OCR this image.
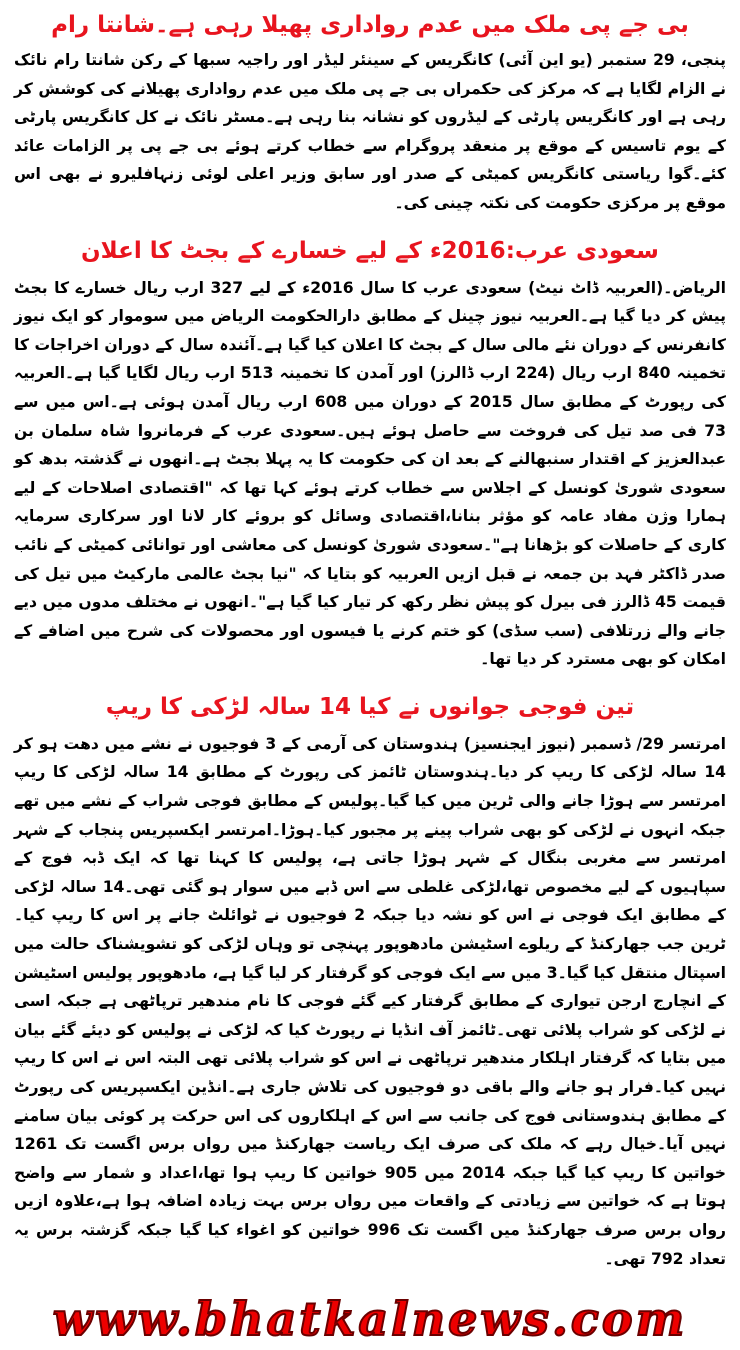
بی جے پی ملک میں عدم رواداری پھیلا رہی ہے۔شانتا رام

پنجی، 29 ستمبر (یو این آئی) کانگریس کے سینئر لیڈر اور راجیہ سبھا کے رکن شانتا رام نائک نے الزام لگایا ہے کہ مرکز کی حکمراں بی جے پی ملک میں عدم رواداری پھیلانے کی کوشش کر رہی ہے اور کانگریس پارٹی کے لیڈروں کو نشانہ بنا رہی ہے۔مسٹر نائک نے کل کانگریس پارٹی کے یوم تاسیس کے موقع پر منعقد پروگرام سے خطاب کرتے ہوئے بی جے پی پر الزامات عائد کئے۔گوا ریاستی کانگریس کمیٹی کے صدر اور سابق وزیر اعلی لوئی زنہافلیرو نے بھی اس موقع پر مرکزی حکومت کی نکتہ چینی کی۔

سعودی عرب:2016ء کے لیے خسارے کے بجٹ کا اعلان

الریاض۔(العربیہ ڈاٹ نیٹ) سعودی عرب کا سال 2016ء کے لیے 327 ارب ریال خسارے کا بجٹ پیش کر دیا گیا ہے۔العربیہ نیوز چینل کے مطابق دارالحکومت الریاض میں سوموار کو ایک نیوز کانفرنس کے دوران نئے مالی سال کے بجٹ کا اعلان کیا گیا ہے۔آئندہ سال کے دوران اخراجات کا تخمینہ 840 ارب ریال (224 ارب ڈالرز) اور آمدن کا تخمینہ 513 ارب ریال لگایا گیا ہے۔العربیہ کی رپورٹ کے مطابق سال 2015 کے دوران میں 608 ارب ریال آمدن ہوئی ہے۔اس میں سے 73 فی صد تیل کی فروخت سے حاصل ہوئے ہیں۔سعودی عرب کے فرمانروا شاہ سلمان بن عبدالعزیز کے اقتدار سنبھالنے کے بعد ان کی حکومت کا یہ پہلا بجٹ ہے۔انھوں نے گذشتہ بدھ کو سعودی شوریٰ کونسل کے اجلاس سے خطاب کرتے ہوئے کہا تھا کہ "اقتصادی اصلاحات کے لیے ہمارا وژن مفاد عامہ کو مؤثر بنانا،اقتصادی وسائل کو بروئے کار لانا اور سرکاری سرمایہ کاری کے حاصلات کو بڑھانا ہے"۔سعودی شوریٰ کونسل کی معاشی اور توانائی کمیٹی کے نائب صدر ڈاکٹر فہد بن جمعہ نے قبل ازیں العربیہ کو بتایا کہ "نیا بجٹ عالمی مارکیٹ میں تیل کی قیمت 45 ڈالرز فی بیرل کو پیش نظر رکھ کر تیار کیا گیا ہے"۔انھوں نے مختلف مدوں میں دیے جانے والے زرتلافی (سب سڈی) کو ختم کرنے یا فیسوں اور محصولات کی شرح میں اضافے کے امکان کو بھی مسترد کر دیا تھا۔

تین فوجی جوانوں نے کیا 14 سالہ لڑکی کا ریپ

امرتسر 29/ ڈسمبر (نیوز ایجنسیز) ہندوستان کی آرمی کے 3 فوجیوں نے نشے میں دھت ہو کر 14 سالہ لڑکی کا ریپ کر دیا۔ہندوستان ٹائمز کی رپورٹ کے مطابق 14 سالہ لڑکی کا ریپ امرتسر سے ہوڑا جانے والی ٹرین میں کیا گیا۔پولیس کے مطابق فوجی شراب کے نشے میں تھے جبکہ انہوں نے لڑکی کو بھی شراب پینے پر مجبور کیا۔ہوڑا۔امرتسر ایکسپریس پنجاب کے شہر امرتسر سے مغربی بنگال کے شہر ہوڑا جاتی ہے، پولیس کا کہنا تھا کہ ایک ڈبہ فوج کے سپاہیوں کے لیے مخصوص تھا،لڑکی غلطی سے اس ڈبے میں سوار ہو گئی تھی۔14 سالہ لڑکی کے مطابق ایک فوجی نے اس کو نشہ دیا جبکہ 2 فوجیوں نے ٹوائلٹ جانے پر اس کا ریپ کیا۔ٹرین جب جھارکنڈ کے ریلوے اسٹیشن مادھوپور پہنچی تو وہاں لڑکی کو تشویشناک حالت میں اسپتال منتقل کیا گیا۔3 میں سے ایک فوجی کو گرفتار کر لیا گیا ہے، مادھوپور پولیس اسٹیشن کے انچارج ارجن تیواری کے مطابق گرفتار کیے گئے فوجی کا نام مندھیر ترپاٹھی ہے جبکہ اسی نے لڑکی کو شراب پلائی تھی۔ٹائمز آف انڈیا نے رپورٹ کیا کہ لڑکی نے پولیس کو دیئے گئے بیان میں بتایا کہ گرفتار اہلکار مندھیر ترپاٹھی نے اس کو شراب پلائی تھی البتہ اس نے اس کا ریپ نہیں کیا۔فرار ہو جانے والے باقی دو فوجیوں کی تلاش جاری ہے۔انڈین ایکسپریس کی رپورٹ کے مطابق ہندوستانی فوج کی جانب سے اس کے اہلکاروں کی اس حرکت پر کوئی بیان سامنے نہیں آیا۔خیال رہے کہ ملک کی صرف ایک ریاست جھارکنڈ میں رواں برس اگست تک 1261 خواتین کا ریپ کیا گیا جبکہ 2014 میں 905 خواتین کا ریپ ہوا تھا،اعداد و شمار سے واضح ہوتا ہے کہ خواتین سے زیادتی کے واقعات میں رواں برس بہت زیادہ اضافہ ہوا ہے،علاوہ ازیں رواں برس صرف جھارکنڈ میں اگست تک 996 خواتین کو اغواء کیا گیا جبکہ گزشتہ برس یہ تعداد 792 تھی۔

www.bhatkalnews.com
